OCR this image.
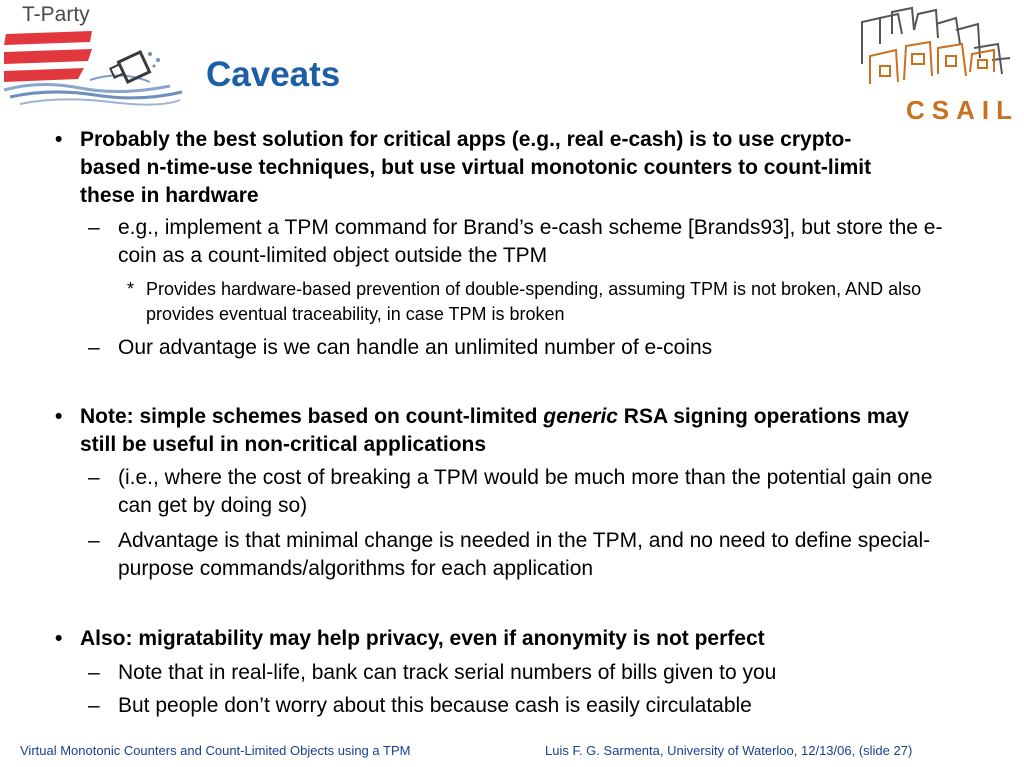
T-Party
CSAIL
Caveats
• Probably the best solution for critical apps (e.g., real e-cash) is to use crypto-based n-time-use techniques, but use virtual monotonic counters to count-limit these in hardware
– e.g., implement a TPM command for Brand’s e-cash scheme [Brands93], but store the e-coin as a count-limited object outside the TPM
* Provides hardware-based prevention of double-spending, assuming TPM is not broken, AND also provides eventual traceability, in case TPM is broken
– Our advantage is we can handle an unlimited number of e-coins
• Note: simple schemes based on count-limited generic RSA signing operations may still be useful in non-critical applications
– (i.e., where the cost of breaking a TPM would be much more than the potential gain one can get by doing so)
– Advantage is that minimal change is needed in the TPM, and no need to define special-purpose commands/algorithms for each application
• Also: migratability may help privacy, even if anonymity is not perfect
– Note that in real-life, bank can track serial numbers of bills given to you
– But people don’t worry about this because cash is easily circulatable
Virtual Monotonic Counters and Count-Limited Objects using a TPM	Luis F. G. Sarmenta, University of Waterloo, 12/13/06, (slide 27)
